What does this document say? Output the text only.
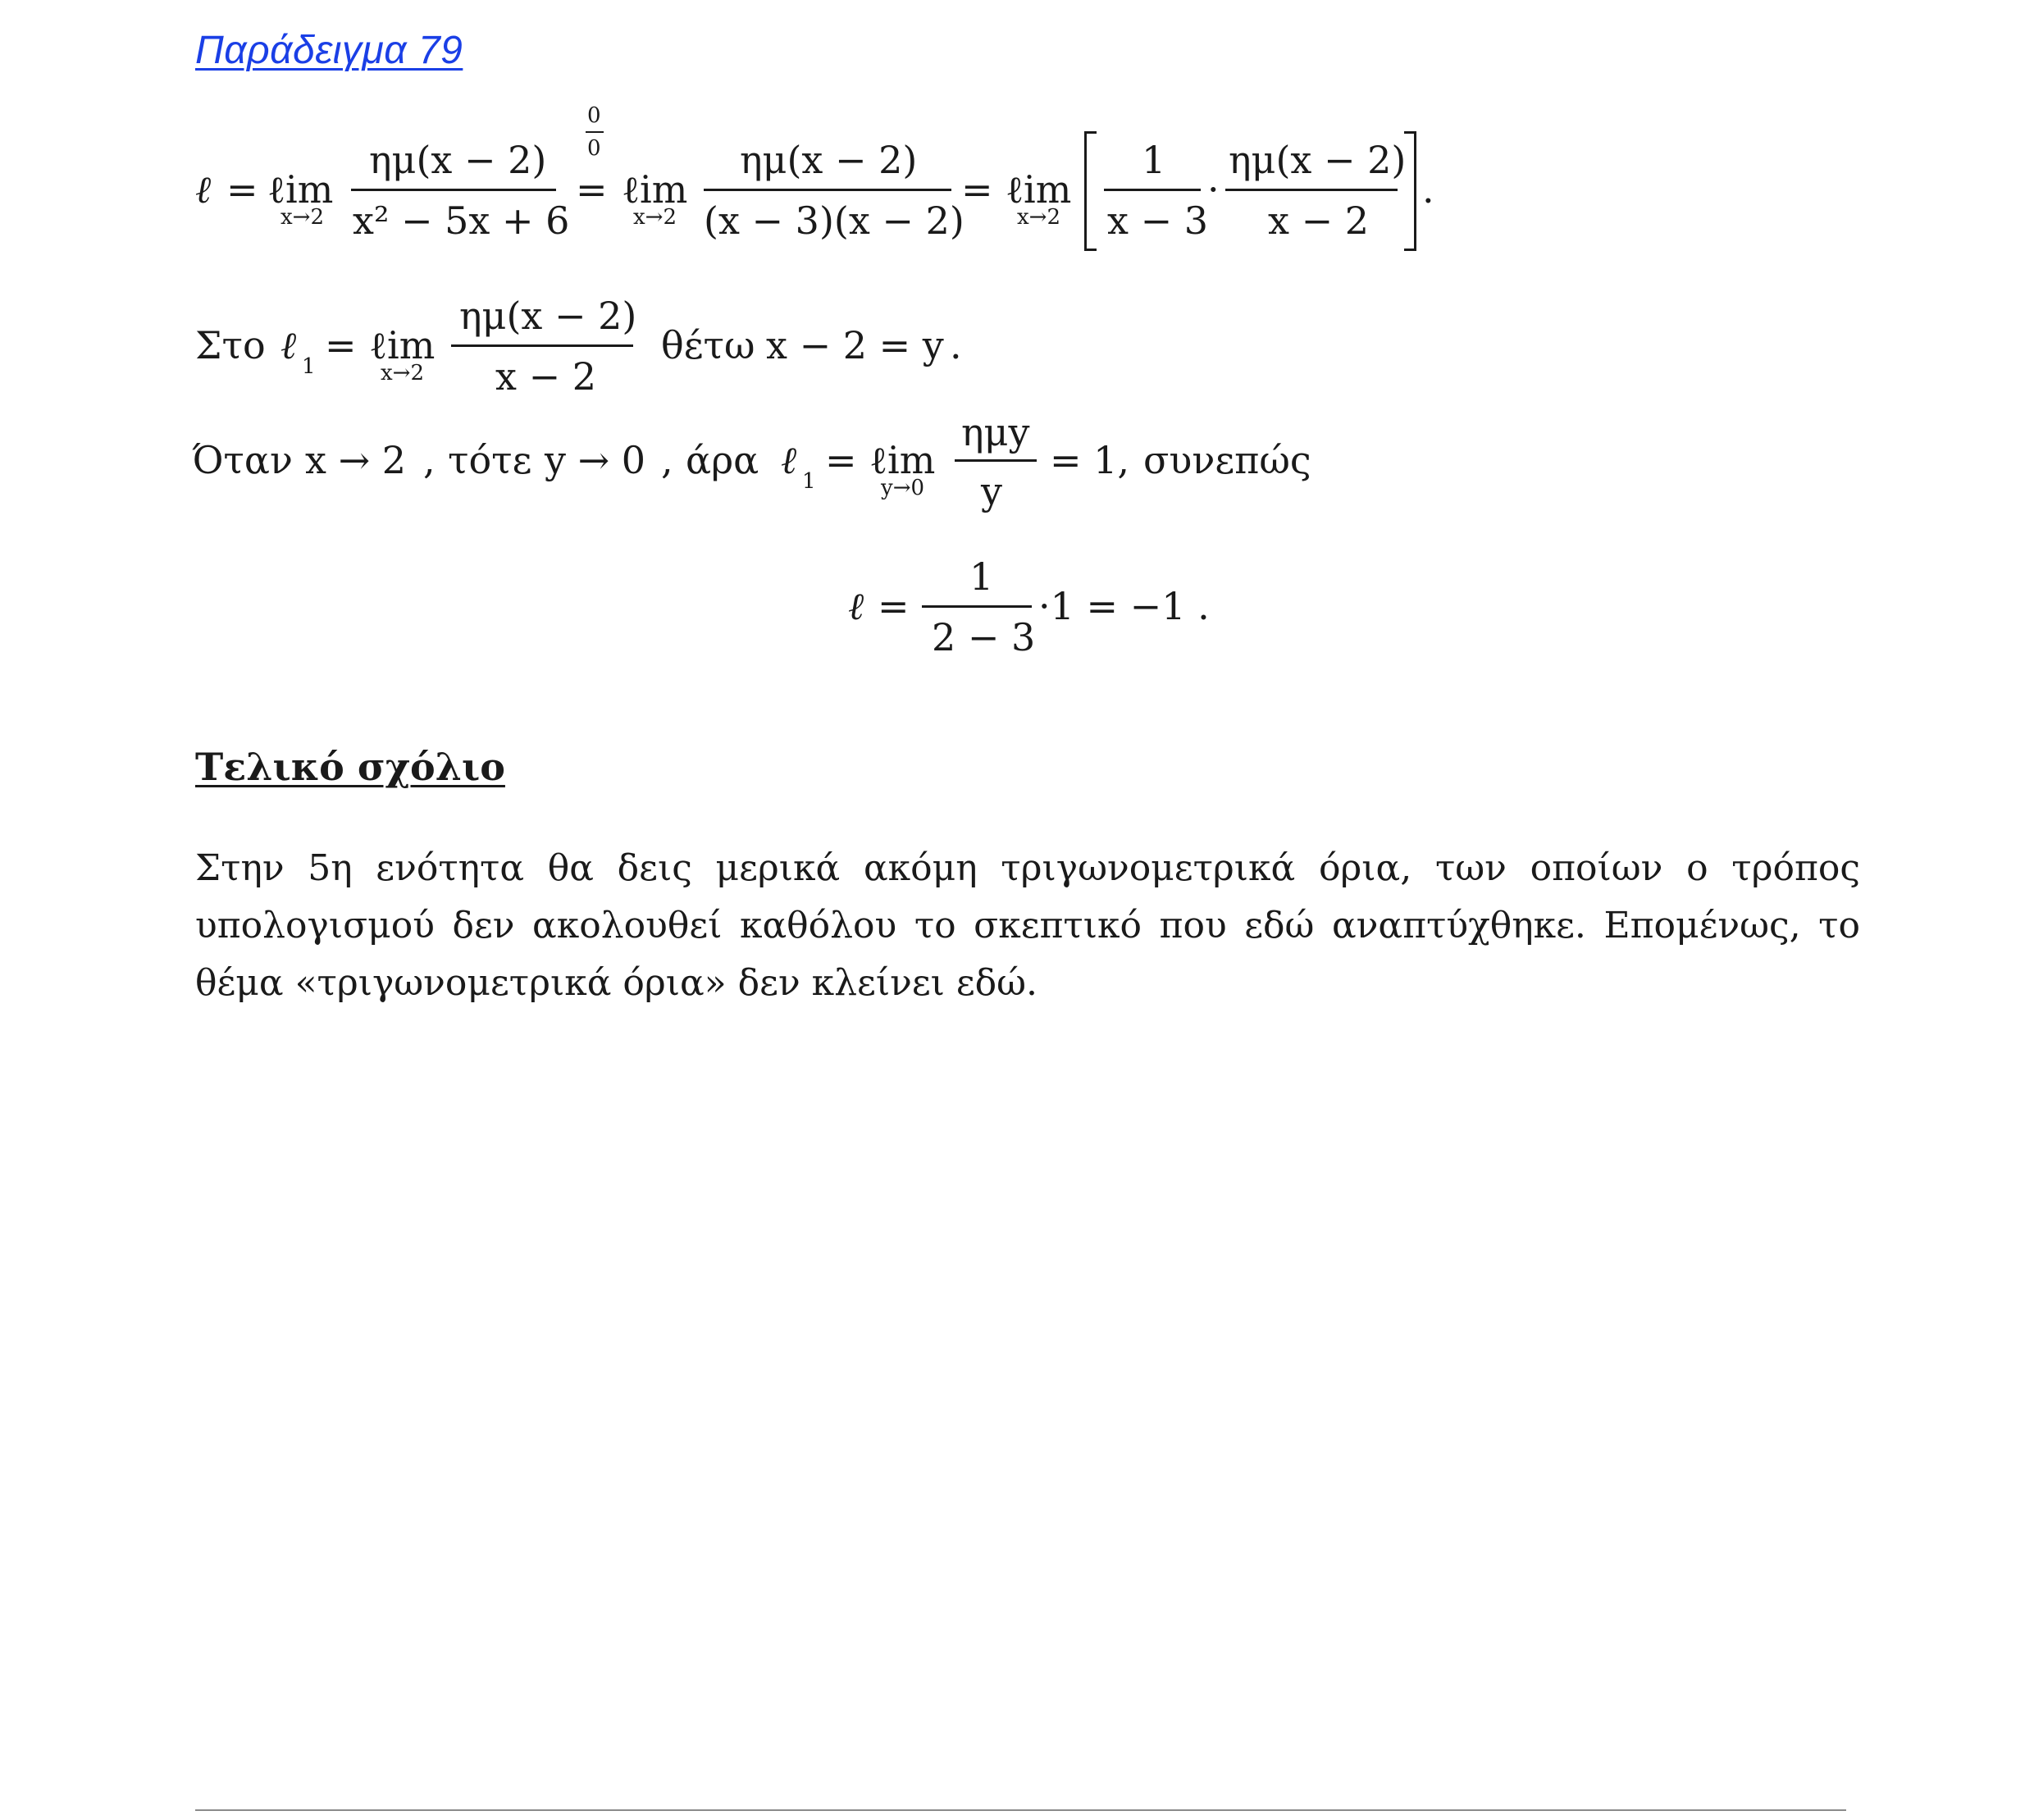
Παράδειγμα 79
ℓ = ℓim
x→2
ημ(x − 2)
x² − 5x + 6
0
0
= ℓim
x→2
ημ(x − 2)
(x − 3)(x − 2)
= ℓim
x→2
1
x − 3
·
ημ(x − 2)
x − 2
.
Στο ℓ 1 = ℓim
x→2
ημ(x − 2)
x − 2
θέτω x − 2 = y .
Όταν x → 2 , τότε y → 0 , άρα ℓ 1 = ℓim
y→0
ημy
y
= 1, συνεπώς
ℓ =
1
2 − 3
·1 = −1 .
Τελικό σχόλιο
Στην 5η ενότητα θα δεις μερικά ακόμη τριγωνομετρικά όρια, των οποίων ο τρόπος υπολογισμού δεν ακολουθεί καθόλου το σκεπτικό που εδώ αναπτύχθηκε. Επομένως, το θέμα «τριγωνομετρικά όρια» δεν κλείνει εδώ.
